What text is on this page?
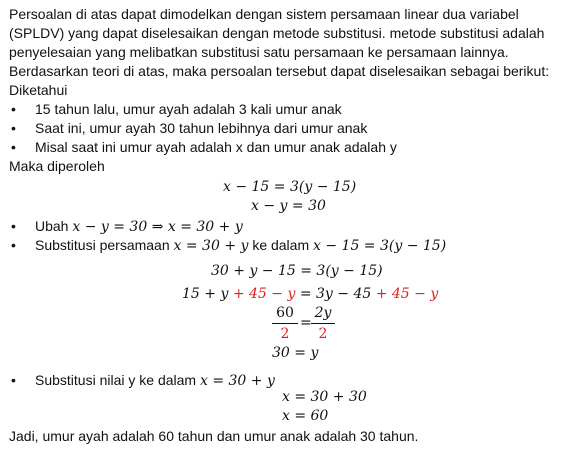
Persoalan di atas dapat dimodelkan dengan sistem persamaan linear dua variabel
(SPLDV) yang dapat diselesaikan dengan metode substitusi. metode substitusi adalah
penyelesaian yang melibatkan substitusi satu persamaan ke persamaan lainnya.
Berdasarkan teori di atas, maka persoalan tersebut dapat diselesaikan sebagai berikut:
Diketahui
• 15 tahun lalu, umur ayah adalah 3 kali umur anak
• Saat ini, umur ayah 30 tahun lebihnya dari umur anak
• Misal saat ini umur ayah adalah x dan umur anak adalah y
Maka diperoleh
x − 15 = 3(y − 15)
x − y = 30
• Ubah x − y = 30 ⇒ x = 30 + y
• Substitusi persamaan x = 30 + y ke dalam x − 15 = 3(y − 15)
30 + y − 15 = 3(y − 15)
15 + y + 45 − y = 3y − 45 + 45 − y
60
2
=
2y
2
30 = y
• Substitusi nilai y ke dalam x = 30 + y
x = 30 + 30
x = 60
Jadi, umur ayah adalah 60 tahun dan umur anak adalah 30 tahun.
